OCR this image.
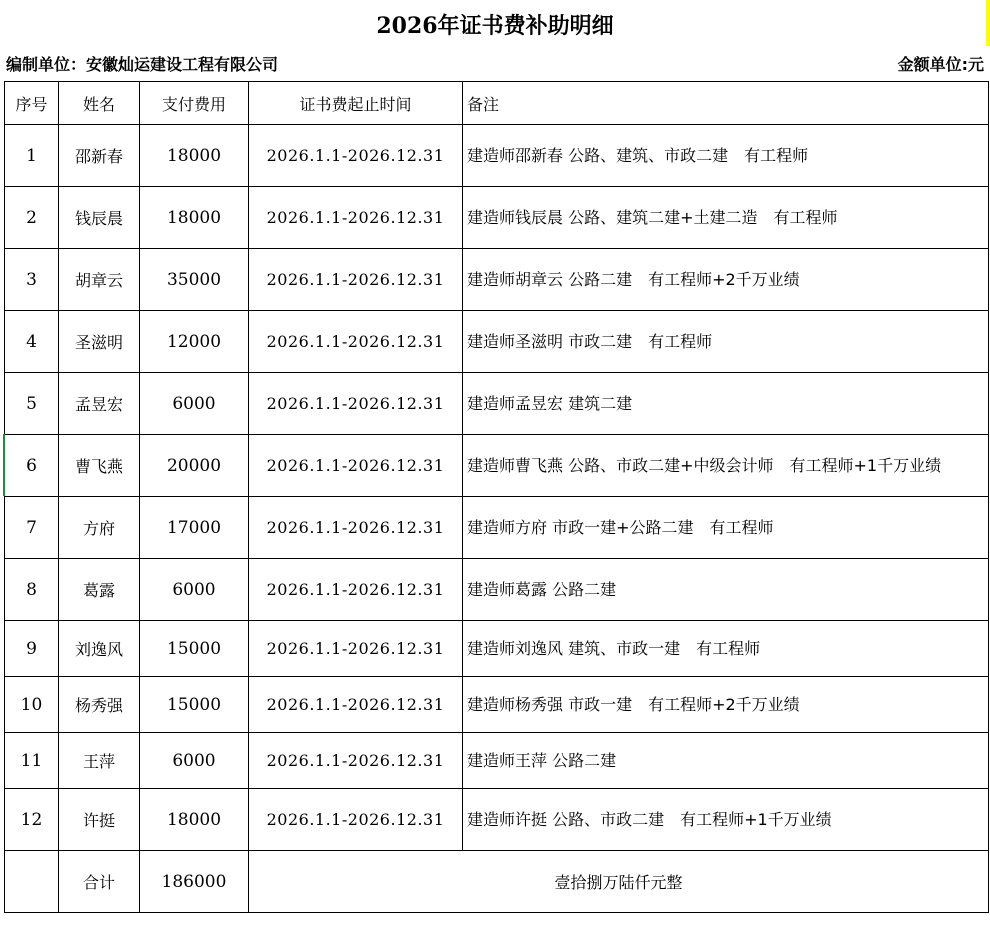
2026年证书费补助明细
编制单位：安徽灿运建设工程有限公司	金额单位:元
序号	姓名	支付费用	证书费起止时间	备注
1	邵新春	18000	2026.1.1-2026.12.31	建造师邵新春 公路、建筑、市政二建　有工程师
2	钱辰晨	18000	2026.1.1-2026.12.31	建造师钱辰晨 公路、建筑二建+土建二造　有工程师
3	胡章云	35000	2026.1.1-2026.12.31	建造师胡章云 公路二建　有工程师+2千万业绩
4	圣滋明	12000	2026.1.1-2026.12.31	建造师圣滋明 市政二建　有工程师
5	孟昱宏	6000	2026.1.1-2026.12.31	建造师孟昱宏 建筑二建
6	曹飞燕	20000	2026.1.1-2026.12.31	建造师曹飞燕 公路、市政二建+中级会计师　有工程师+1千万业绩
7	方府	17000	2026.1.1-2026.12.31	建造师方府 市政一建+公路二建　有工程师
8	葛露	6000	2026.1.1-2026.12.31	建造师葛露 公路二建
9	刘逸风	15000	2026.1.1-2026.12.31	建造师刘逸风 建筑、市政一建　有工程师
10	杨秀强	15000	2026.1.1-2026.12.31	建造师杨秀强 市政一建　有工程师+2千万业绩
11	王萍	6000	2026.1.1-2026.12.31	建造师王萍 公路二建
12	许挺	18000	2026.1.1-2026.12.31	建造师许挺 公路、市政二建　有工程师+1千万业绩
	合计	186000	壹拾捌万陆仟元整	
